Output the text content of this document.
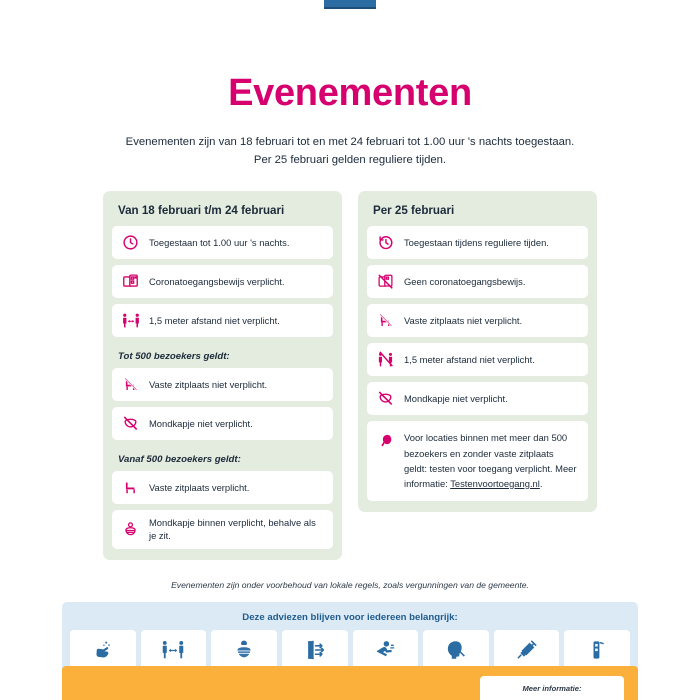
Evenementen
Evenementen zijn van 18 februari tot en met 24 februari tot 1.00 uur 's nachts toegestaan.
Per 25 februari gelden reguliere tijden.
Van 18 februari t/m 24 februari
Toegestaan tot 1.00 uur 's nachts.
Coronatoegangsbewijs verplicht.
1,5 meter afstand niet verplicht.
Tot 500 bezoekers geldt:
Vaste zitplaats niet verplicht.
Mondkapje niet verplicht.
Vanaf 500 bezoekers geldt:
Vaste zitplaats verplicht.
Mondkapje binnen verplicht, behalve als je zit.
Per 25 februari
Toegestaan tijdens reguliere tijden.
Geen coronatoegangsbewijs.
Vaste zitplaats niet verplicht.
1,5 meter afstand niet verplicht.
Mondkapje niet verplicht.
Voor locaties binnen met meer dan 500 bezoekers en zonder vaste zitplaats geldt: testen voor toegang verplicht. Meer informatie: Testenvoortoegang.nl.
Evenementen zijn onder voorbehoud van lokale regels, zoals vergunningen van de gemeente.
Deze adviezen blijven voor iedereen belangrijk:
Meer informatie:
